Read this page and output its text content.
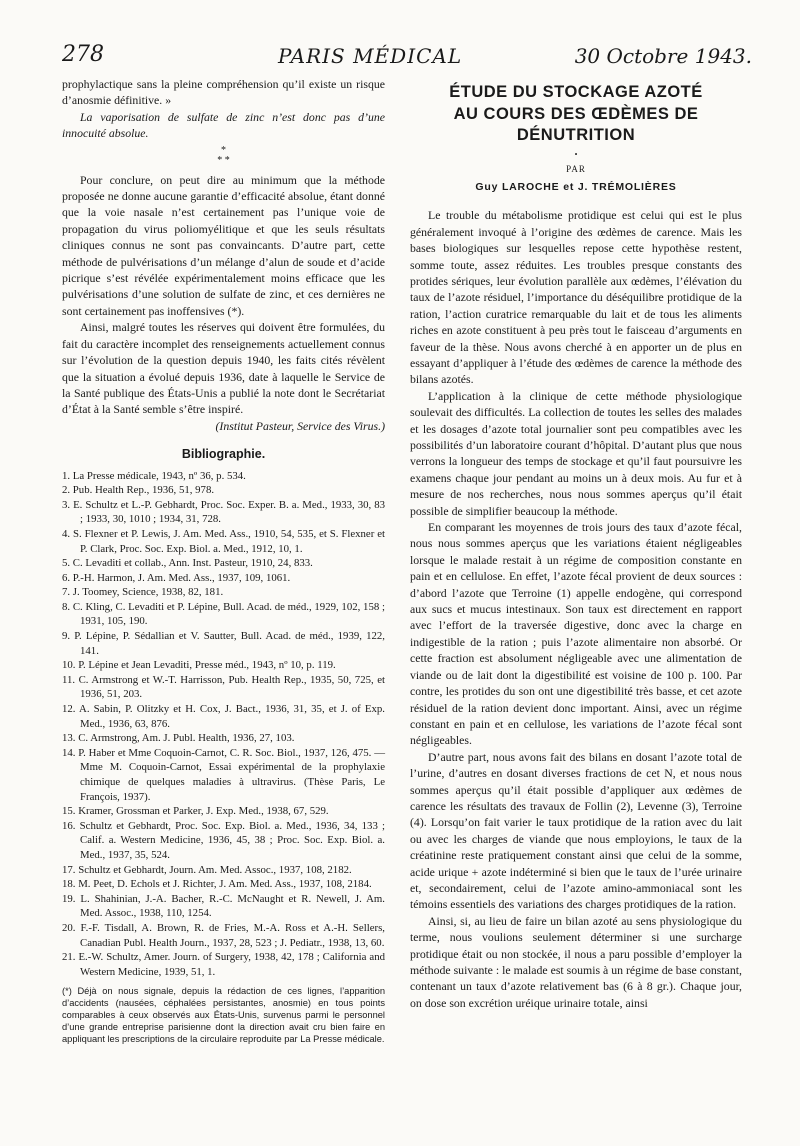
278	PARIS MÉDICAL	30 Octobre 1943.

prophylactique sans la pleine compréhension qu’il existe un risque d’anosmie définitive. »

La vaporisation de sulfate de zinc n’est donc pas d’une innocuité absolue.

*
* *

Pour conclure, on peut dire au minimum que la méthode proposée ne donne aucune garantie d’efficacité absolue, étant donné que la voie nasale n’est certainement pas l’unique voie de propagation du virus poliomyélitique et que les seuls résultats cliniques connus ne sont pas convaincants. D’autre part, cette méthode de pulvérisations d’un mélange d’alun de soude et d’acide picrique s’est révélée expérimentalement moins efficace que les pulvérisations d’une solution de sulfate de zinc, et ces dernières ne sont certainement pas inoffensives (*).

Ainsi, malgré toutes les réserves qui doivent être formulées, du fait du caractère incomplet des renseignements actuellement connus sur l’évolution de la question depuis 1940, les faits cités révèlent que la situation a évolué depuis 1936, date à laquelle le Service de la Santé publique des États-Unis a publié la note dont le Secrétariat d’État à la Santé semble s’être inspiré.

(Institut Pasteur, Service des Virus.)

Bibliographie.
1. La Presse médicale, 1943, nº 36, p. 534.
2. Pub. Health Rep., 1936, 51, 978.
3. E. Schultz et L.-P. Gebhardt, Proc. Soc. Exper. B. a. Med., 1933, 30, 83 ; 1933, 30, 1010 ; 1934, 31, 728.
4. S. Flexner et P. Lewis, J. Am. Med. Ass., 1910, 54, 535, et S. Flexner et P. Clark, Proc. Soc. Exp. Biol. a. Med., 1912, 10, 1.
5. C. Levaditi et collab., Ann. Inst. Pasteur, 1910, 24, 833.
6. P.-H. Harmon, J. Am. Med. Ass., 1937, 109, 1061.
7. J. Toomey, Science, 1938, 82, 181.
8. C. Kling, C. Levaditi et P. Lépine, Bull. Acad. de méd., 1929, 102, 158 ; 1931, 105, 190.
9. P. Lépine, P. Sédallian et V. Sautter, Bull. Acad. de méd., 1939, 122, 141.
10. P. Lépine et Jean Levaditi, Presse méd., 1943, nº 10, p. 119.
11. C. Armstrong et W.-T. Harrisson, Pub. Health Rep., 1935, 50, 725, et 1936, 51, 203.
12. A. Sabin, P. Olitzky et H. Cox, J. Bact., 1936, 31, 35, et J. of Exp. Med., 1936, 63, 876.
13. C. Armstrong, Am. J. Publ. Health, 1936, 27, 103.
14. P. Haber et Mme Coquoin-Carnot, C. R. Soc. Biol., 1937, 126, 475. — Mme M. Coquoin-Carnot, Essai expérimental de la prophylaxie chimique de quelques maladies à ultravirus. (Thèse Paris, Le François, 1937).
15. Kramer, Grossman et Parker, J. Exp. Med., 1938, 67, 529.
16. Schultz et Gebhardt, Proc. Soc. Exp. Biol. a. Med., 1936, 34, 133 ; Calif. a. Western Medicine, 1936, 45, 38 ; Proc. Soc. Exp. Biol. a. Med., 1937, 35, 524.
17. Schultz et Gebhardt, Journ. Am. Med. Assoc., 1937, 108, 2182.
18. M. Peet, D. Echols et J. Richter, J. Am. Med. Ass., 1937, 108, 2184.
19. L. Shahinian, J.-A. Bacher, R.-C. McNaught et R. Newell, J. Am. Med. Assoc., 1938, 110, 1254.
20. F.-F. Tisdall, A. Brown, R. de Fries, M.-A. Ross et A.-H. Sellers, Canadian Publ. Health Journ., 1937, 28, 523 ; J. Pediatr., 1938, 13, 60.
21. E.-W. Schultz, Amer. Journ. of Surgery, 1938, 42, 178 ; California and Western Medicine, 1939, 51, 1.

(*) Déjà on nous signale, depuis la rédaction de ces lignes, l’apparition d’accidents (nausées, céphalées persistantes, anosmie) en tous points comparables à ceux observés aux États-Unis, survenus parmi le personnel d’une grande entreprise parisienne dont la direction avait cru bien faire en appliquant les prescriptions de la circulaire reproduite par La Presse médicale.

ÉTUDE DU STOCKAGE AZOTÉ
AU COURS DES ŒDÈMES DE
DÉNUTRITION
•
PAR
Guy LAROCHE et J. TRÉMOLIÈRES

Le trouble du métabolisme protidique est celui qui est le plus généralement invoqué à l’origine des œdèmes de carence. Mais les bases biologiques sur lesquelles repose cette hypothèse restent, somme toute, assez réduites. Les troubles presque constants des protides sériques, leur évolution parallèle aux œdèmes, l’élévation du taux de l’azote résiduel, l’importance du déséquilibre protidique de la ration, l’action curatrice remarquable du lait et de tous les aliments riches en azote constituent à peu près tout le faisceau d’arguments en faveur de la thèse. Nous avons cherché à en apporter un de plus en essayant d’appliquer à l’étude des œdèmes de carence la méthode des bilans azotés.

L’application à la clinique de cette méthode physiologique soulevait des difficultés. La collection de toutes les selles des malades et les dosages d’azote total journalier sont peu compatibles avec les possibilités d’un laboratoire courant d’hôpital. D’autant plus que nous verrons la longueur des temps de stockage et qu’il faut poursuivre les examens chaque jour pendant au moins un à deux mois. Au fur et à mesure de nos recherches, nous nous sommes aperçus qu’il était possible de simplifier beaucoup la méthode.

En comparant les moyennes de trois jours des taux d’azote fécal, nous nous sommes aperçus que les variations étaient négligeables lorsque le malade restait à un régime de composition constante en pain et en cellulose. En effet, l’azote fécal provient de deux sources : d’abord l’azote que Terroine (1) appelle endogène, qui correspond aux sucs et mucus intestinaux. Son taux est directement en rapport avec l’effort de la traversée digestive, donc avec la charge en indigestible de la ration ; puis l’azote alimentaire non absorbé. Or cette fraction est absolument négligeable avec une alimentation de viande ou de lait dont la digestibilité est voisine de 100 p. 100. Par contre, les protides du son ont une digestibilité très basse, et cet azote résiduel de la ration devient donc important. Ainsi, avec un régime constant en pain et en cellulose, les variations de l’azote fécal sont négligeables.

D’autre part, nous avons fait des bilans en dosant l’azote total de l’urine, d’autres en dosant diverses fractions de cet N, et nous nous sommes aperçus qu’il était possible d’appliquer aux œdèmes de carence les résultats des travaux de Follin (2), Levenne (3), Terroine (4). Lorsqu’on fait varier le taux protidique de la ration avec du lait ou avec les charges de viande que nous employions, le taux de la créatinine reste pratiquement constant ainsi que celui de la somme, acide urique + azote indéterminé si bien que le taux de l’urée urinaire et, secondairement, celui de l’azote amino-ammoniacal sont les témoins essentiels des variations des charges protidiques de la ration.

Ainsi, si, au lieu de faire un bilan azoté au sens physiologique du terme, nous voulions seulement déterminer si une surcharge protidique était ou non stockée, il nous a paru possible d’employer la méthode suivante : le malade est soumis à un régime de base constant, contenant un taux d’azote relativement bas (6 à 8 gr.). Chaque jour, on dose son excrétion uréique urinaire totale, ainsi
